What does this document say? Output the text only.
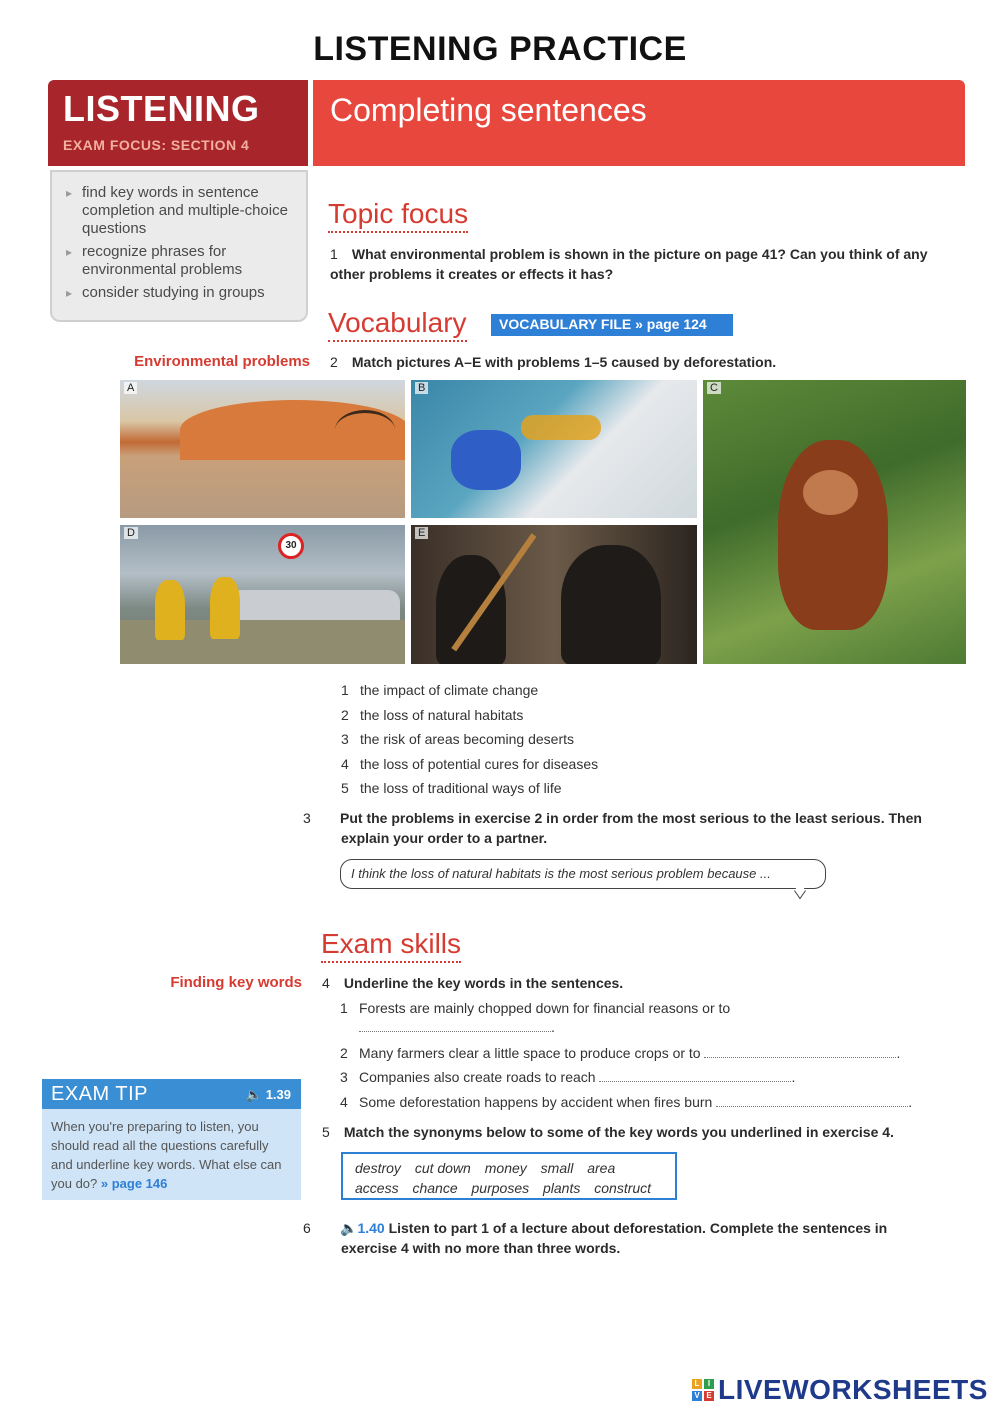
LISTENING PRACTICE
LISTENING
EXAM FOCUS: SECTION 4
Completing sentences
▸ find key words in sentence completion and multiple-choice questions
▸ recognize phrases for environmental problems
▸ consider studying in groups
Topic focus
1 What environmental problem is shown in the picture on page 41? Can you think of any other problems it creates or effects it has?
Vocabulary	VOCABULARY FILE » page 124
Environmental problems 2 Match pictures A–E with problems 1–5 caused by deforestation.
A	B	C
D
30
E
1 the impact of climate change
2 the loss of natural habitats
3 the risk of areas becoming deserts
4 the loss of potential cures for diseases
5 the loss of traditional ways of life
3 Put the problems in exercise 2 in order from the most serious to the least serious. Then explain your order to a partner.
I think the loss of natural habitats is the most serious problem because ...
Exam skills
Finding key words 4 Underline the key words in the sentences.
1 Forests are mainly chopped down for financial reasons or to
.
2 Many farmers clear a little space to produce crops or to	.
3 Companies also create roads to reach	.
4 Some deforestation happens by accident when fires burn	.
EXAM TIP	🔈 1.39
When you're preparing to listen, you should read all the questions carefully and underline key words. What else can you do? » page 146
5 Match the synonyms below to some of the key words you underlined in exercise 4.
destroy cut down money small area
access chance purposes plants construct
6 🔈1.40 Listen to part 1 of a lecture about deforestation. Complete the sentences in exercise 4 with no more than three words.
L	I
V E LIVEWORKSHEETS
